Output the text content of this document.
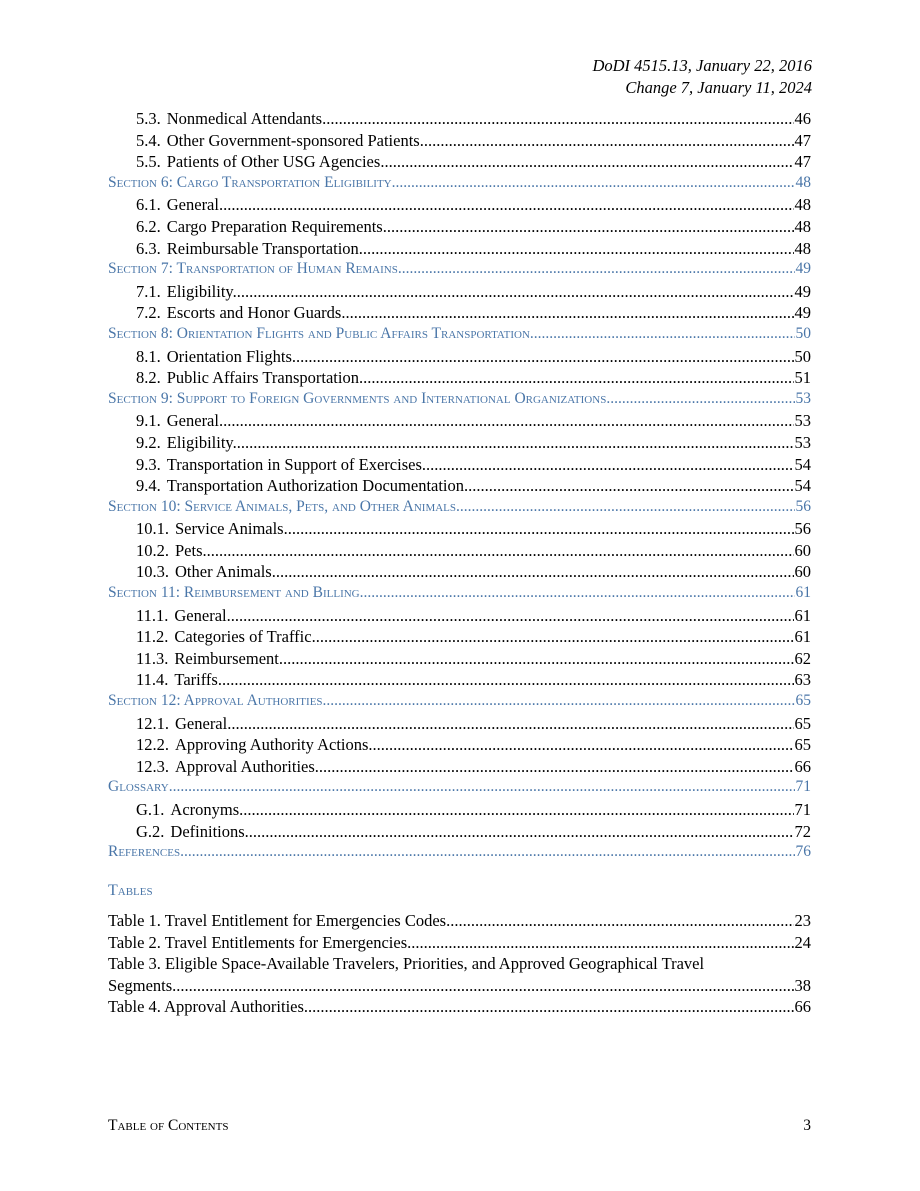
DoDI 4515.13, January 22, 2016
Change 7, January 11, 2024
5.3. Nonmedical Attendants .....	46
5.4. Other Government-sponsored Patients. .....	47
5.5. Patients of Other USG Agencies .....	47
Section 6: Cargo Transportation Eligibility .....	48
6.1. General. .....	48
6.2. Cargo Preparation Requirements. .....	48
6.3. Reimbursable Transportation. .....	48
Section 7: Transportation of Human Remains .....	49
7.1. Eligibility. .....	49
7.2. Escorts and Honor Guards. .....	49
Section 8: Orientation Flights and Public Affairs Transportation .....	50
8.1. Orientation Flights. .....	50
8.2. Public Affairs Transportation. .....	51
Section 9: Support to Foreign Governments and International Organizations .....	53
9.1. General. .....	53
9.2. Eligibility. .....	53
9.3. Transportation in Support of Exercises. .....	54
9.4. Transportation Authorization Documentation. .....	54
Section 10: Service Animals, Pets, and Other Animals .....	56
10.1. Service Animals. .....	56
10.2. Pets. .....	60
10.3. Other Animals. .....	60
Section 11: Reimbursement and Billing .....	61
11.1. General. .....	61
11.2. Categories of Traffic. .....	61
11.3. Reimbursement. .....	62
11.4. Tariffs. .....	63
Section 12: Approval Authorities .....	65
12.1. General. .....	65
12.2. Approving Authority Actions. .....	65
12.3. Approval Authorities. .....	66
Glossary .....	71
G.1. Acronyms. .....	71
G.2. Definitions. .....	72
References .....	76
Tables
Table 1. Travel Entitlement for Emergencies Codes .....	23
Table 2. Travel Entitlements for Emergencies .....	24
Table 3. Eligible Space-Available Travelers, Priorities, and Approved Geographical Travel
Segments .....	38
Table 4. Approval Authorities .....	66
Table of Contents	3
